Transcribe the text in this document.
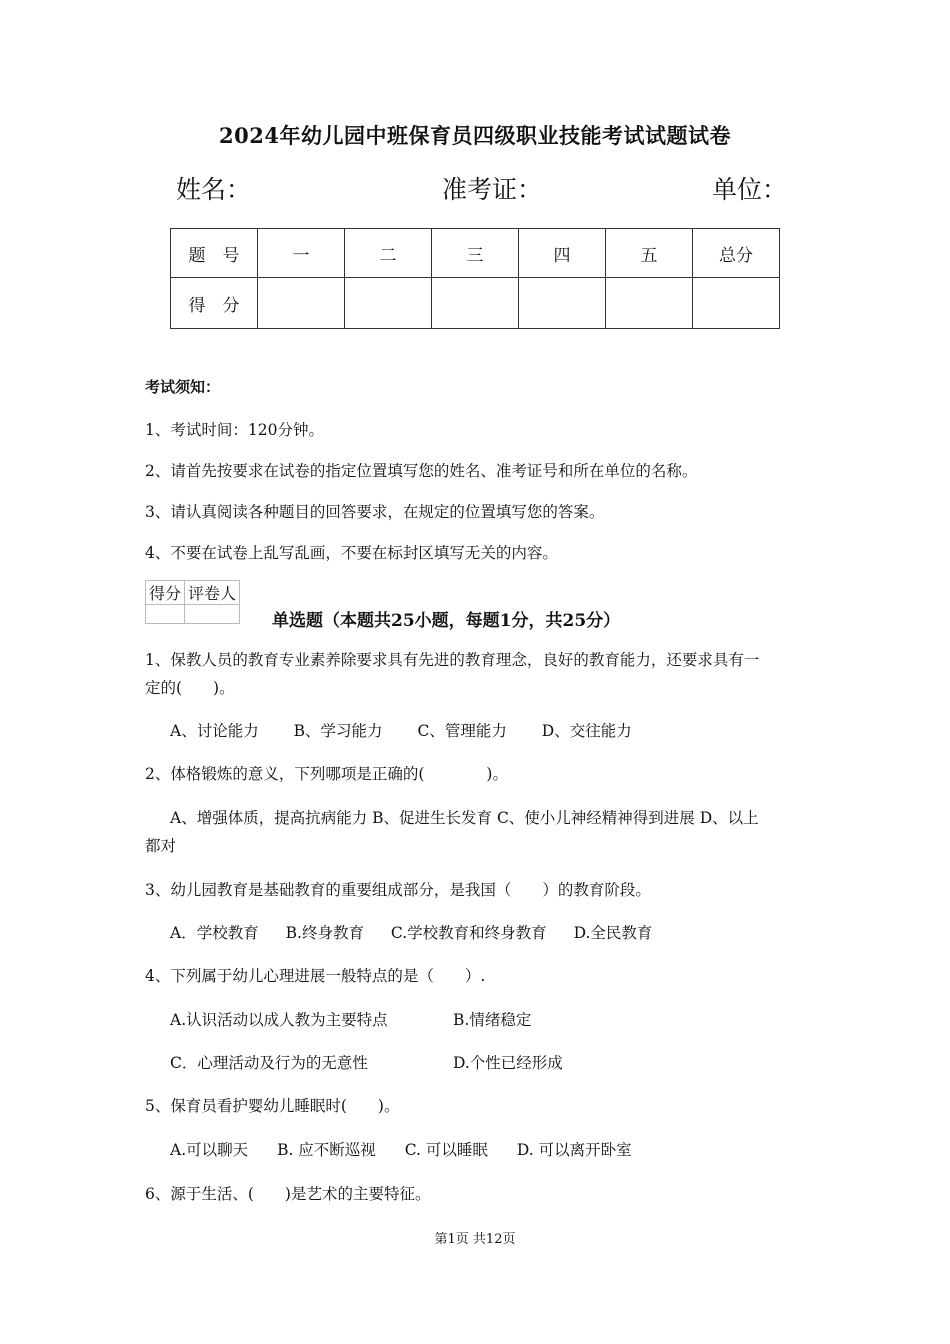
2024年幼儿园中班保育员四级职业技能考试试题试卷
姓名：	准考证：	单位：
题　号	一	二	三	四	五	总分
得　分						
考试须知：
1、考试时间：120分钟。
2、请首先按要求在试卷的指定位置填写您的姓名、准考证号和所在单位的名称。
3、请认真阅读各种题目的回答要求，在规定的位置填写您的答案。
4、不要在试卷上乱写乱画，不要在标封区填写无关的内容。
得分	评卷人

单选题（本题共25小题，每题1分，共25分）
1、保教人员的教育专业素养除要求具有先进的教育理念，良好的教育能力，还要求具有一
定的(　　)。
A、讨论能力 B、学习能力 C、管理能力 D、交往能力
2、体格锻炼的意义，下列哪项是正确的(　　　　)。
A、增强体质，提高抗病能力 B、促进生长发育 C、使小儿神经精神得到进展 D、以上
都对
3、幼儿园教育是基础教育的重要组成部分，是我国（　　）的教育阶段。
A．学校教育 B.终身教育 C.学校教育和终身教育 D.全民教育
4、下列属于幼儿心理进展一般特点的是（　　）.
A.认识活动以成人教为主要特点	B.情绪稳定
C．心理活动及行为的无意性	D.个性已经形成
5、保育员看护婴幼儿睡眠时(　　)。
A.可以聊天 B. 应不断巡视 C. 可以睡眠 D. 可以离开卧室
6、源于生活、(　　)是艺术的主要特征。
第1页 共12页
